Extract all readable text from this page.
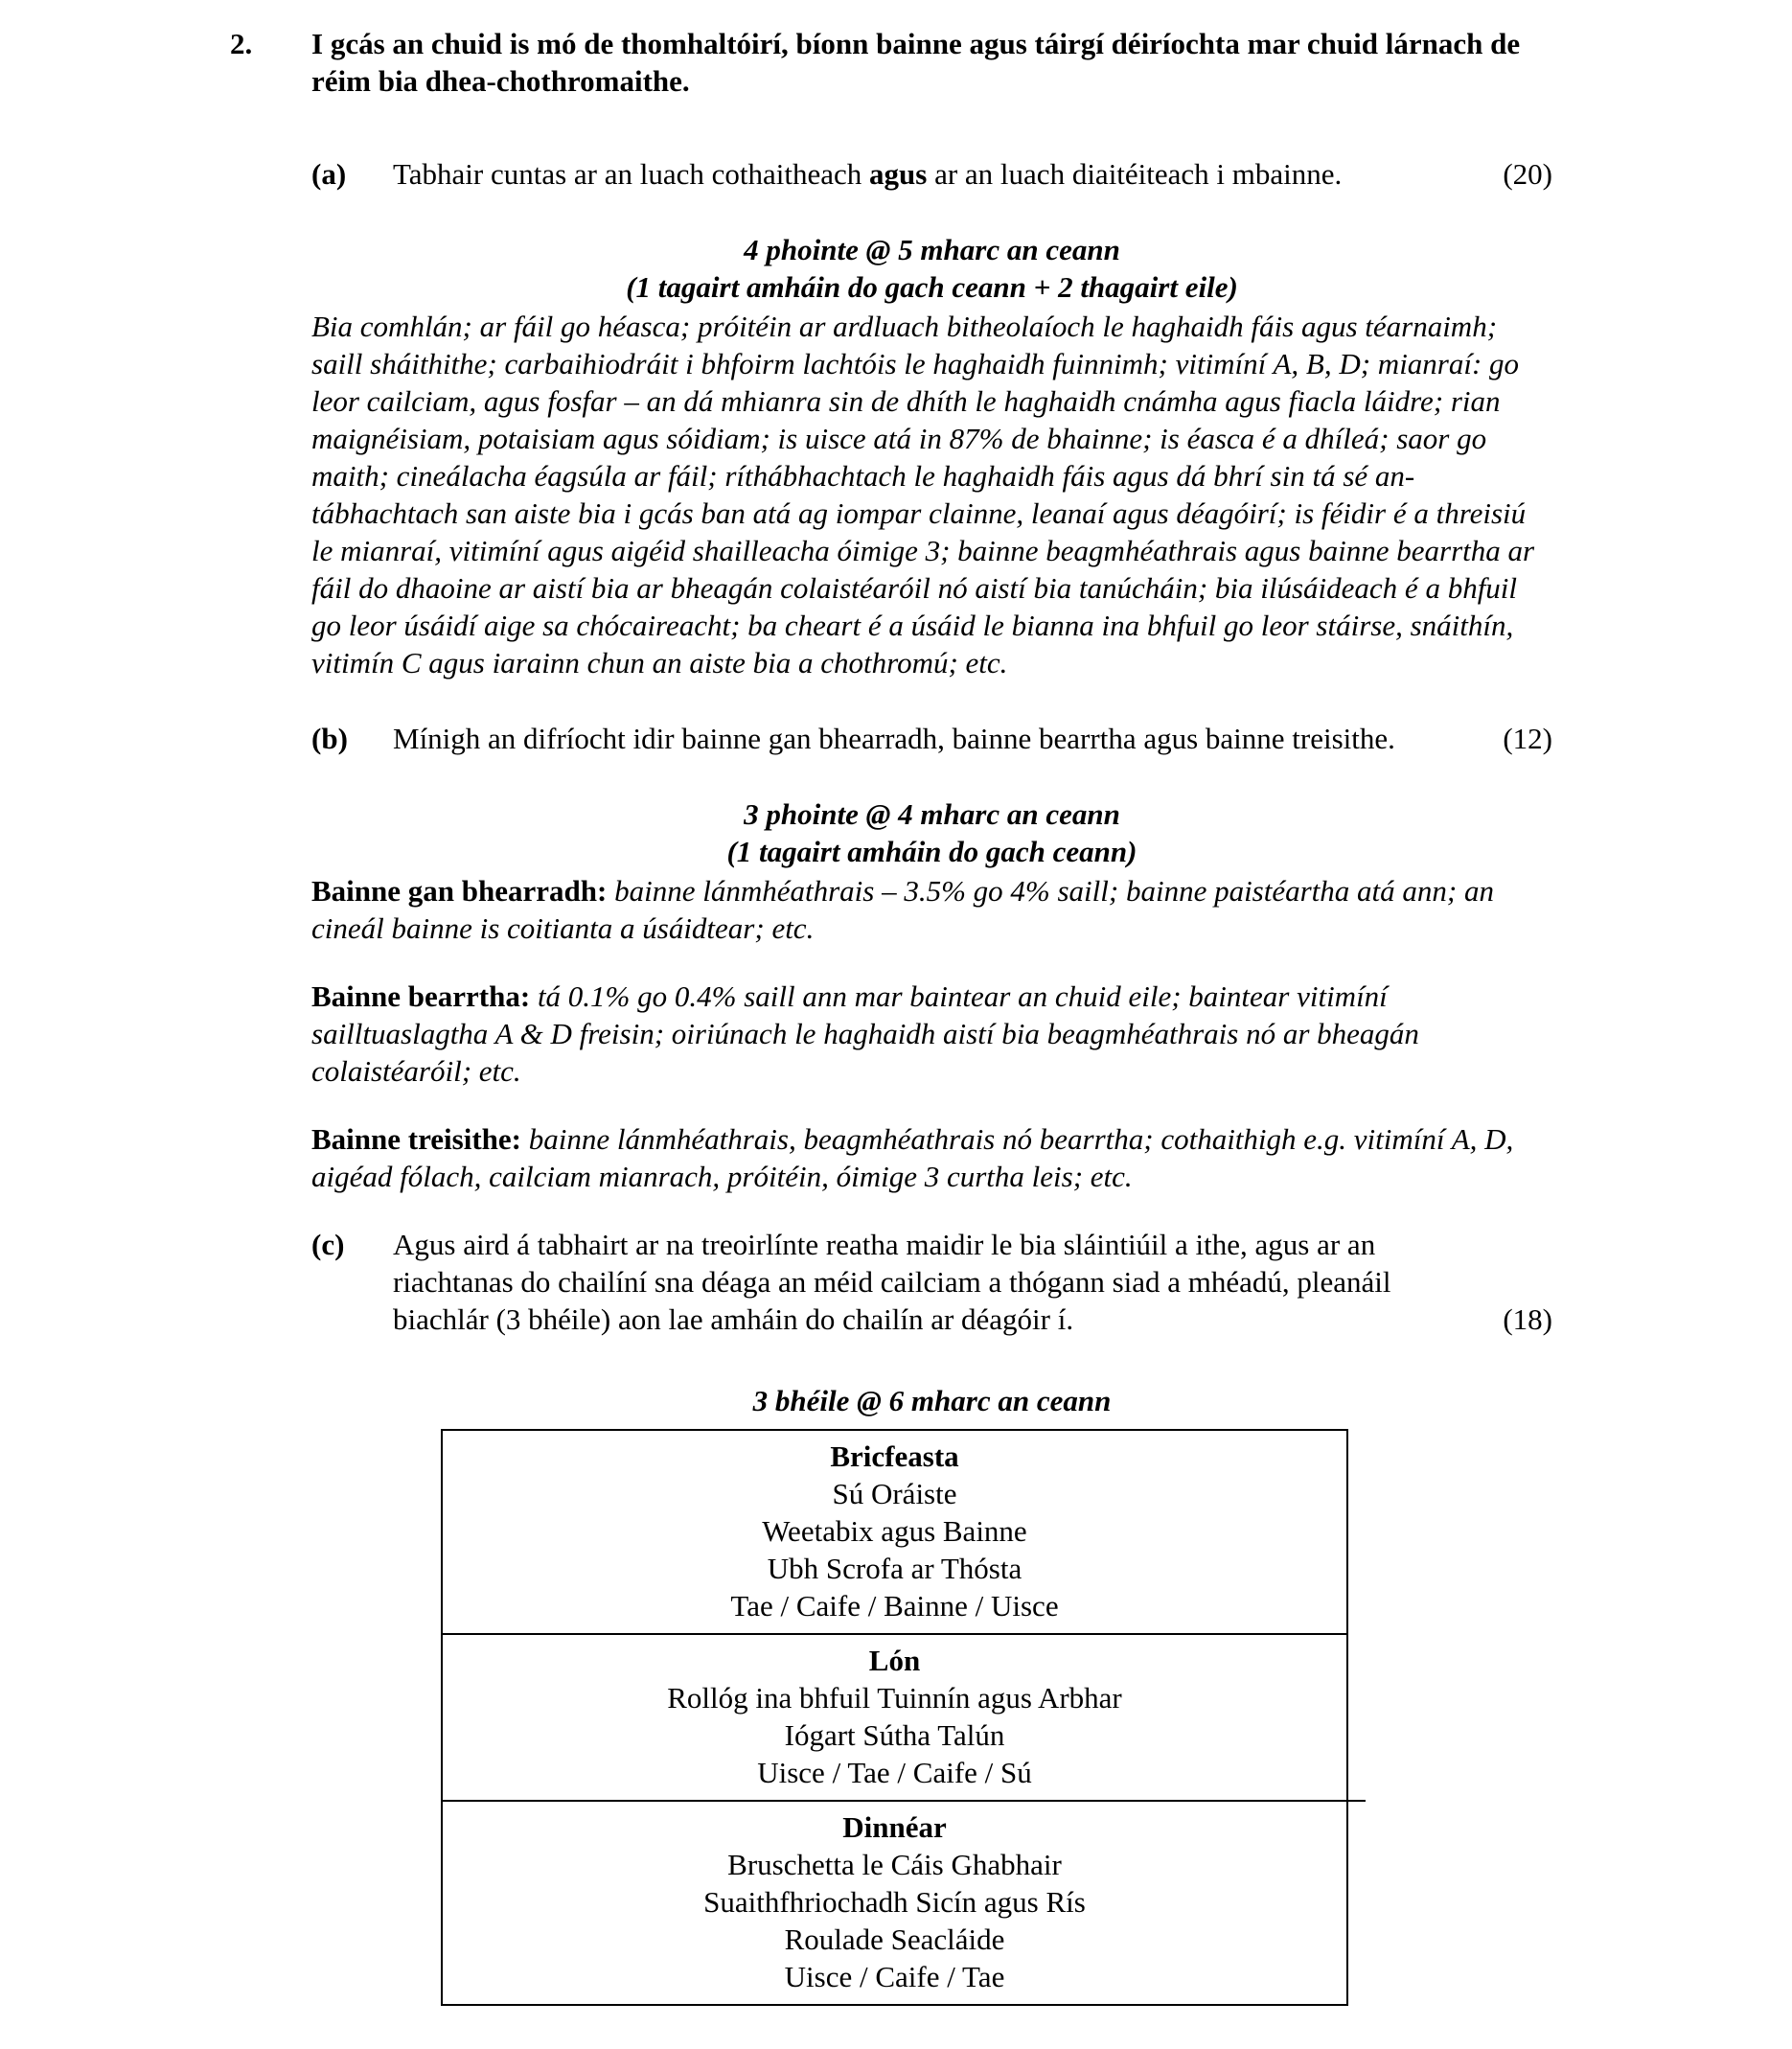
2.	I gcás an chuid is mó de thomhaltóirí, bíonn bainne agus táirgí déiríochta mar chuid lárnach de réim bia dhea-chothromaithe.
(a)	Tabhair cuntas ar an luach cothaitheach agus ar an luach diaitéiteach i mbainne.	(20)
4 phointe @ 5 mharc an ceann
(1 tagairt amháin do gach ceann + 2 thagairt eile)

Bia comhlán; ar fáil go héasca; próitéin ar ardluach bitheolaíoch le haghaidh fáis agus téarnaimh; saill sháithithe; carbaihiodráit i bhfoirm lachtóis le haghaidh fuinnimh; vitimíní A, B, D; mianraí: go leor cailciam, agus fosfar – an dá mhianra sin de dhíth le haghaidh cnámha agus fiacla láidre; rian maignéisiam, potaisiam agus sóidiam; is uisce atá in 87% de bhainne; is éasca é a dhíleá; saor go maith; cineálacha éagsúla ar fáil; ríthábhachtach le haghaidh fáis agus dá bhrí sin tá sé an-tábhachtach san aiste bia i gcás ban atá ag iompar clainne, leanaí agus déagóirí; is féidir é a threisiú le mianraí, vitimíní agus aigéid shailleacha óimige 3; bainne beagmhéathrais agus bainne bearrtha ar fáil do dhaoine ar aistí bia ar bheagán colaistéaróil nó aistí bia tanúcháin; bia ilúsáideach é a bhfuil go leor úsáidí aige sa chócaireacht; ba cheart é a úsáid le bianna ina bhfuil go leor stáirse, snáithín, vitimín C agus iarainn chun an aiste bia a chothromú; etc.

(b)	Mínigh an difríocht idir bainne gan bhearradh, bainne bearrtha agus bainne treisithe.	(12)
3 phointe @ 4 mharc an ceann
(1 tagairt amháin do gach ceann)

Bainne gan bhearradh: bainne lánmhéathrais – 3.5% go 4% saill; bainne paistéartha atá ann; an cineál bainne is coitianta a úsáidtear; etc.

Bainne bearrtha: tá 0.1% go 0.4% saill ann mar baintear an chuid eile; baintear vitimíní sailltuaslagtha A & D freisin; oiriúnach le haghaidh aistí bia beagmhéathrais nó ar bheagán colaistéaróil; etc.

Bainne treisithe: bainne lánmhéathrais, beagmhéathrais nó bearrtha; cothaithigh e.g. vitimíní A, D, aigéad fólach, cailciam mianrach, próitéin, óimige 3 curtha leis; etc.

(c)	Agus aird á tabhairt ar na treoirlínte reatha maidir le bia sláintiúil a ithe, agus ar an riachtanas do chailíní sna déaga an méid cailciam a thógann siad a mhéadú, pleanáil biachlár (3 bhéile) aon lae amháin do chailín ar déagóir í.	(18)
3 bhéile @ 6 mharc an ceann
Bricfeasta
Sú Oráiste
Weetabix agus Bainne
Ubh Scrofa ar Thósta
Tae / Caife / Bainne / Uisce
Lón
Rollóg ina bhfuil Tuinnín agus Arbhar
Iógart Sútha Talún
Uisce / Tae / Caife / Sú
Dinnéar
Bruschetta le Cáis Ghabhair
Suaithfhriochadh Sicín agus Rís
Roulade Seacláide
Uisce / Caife / Tae
